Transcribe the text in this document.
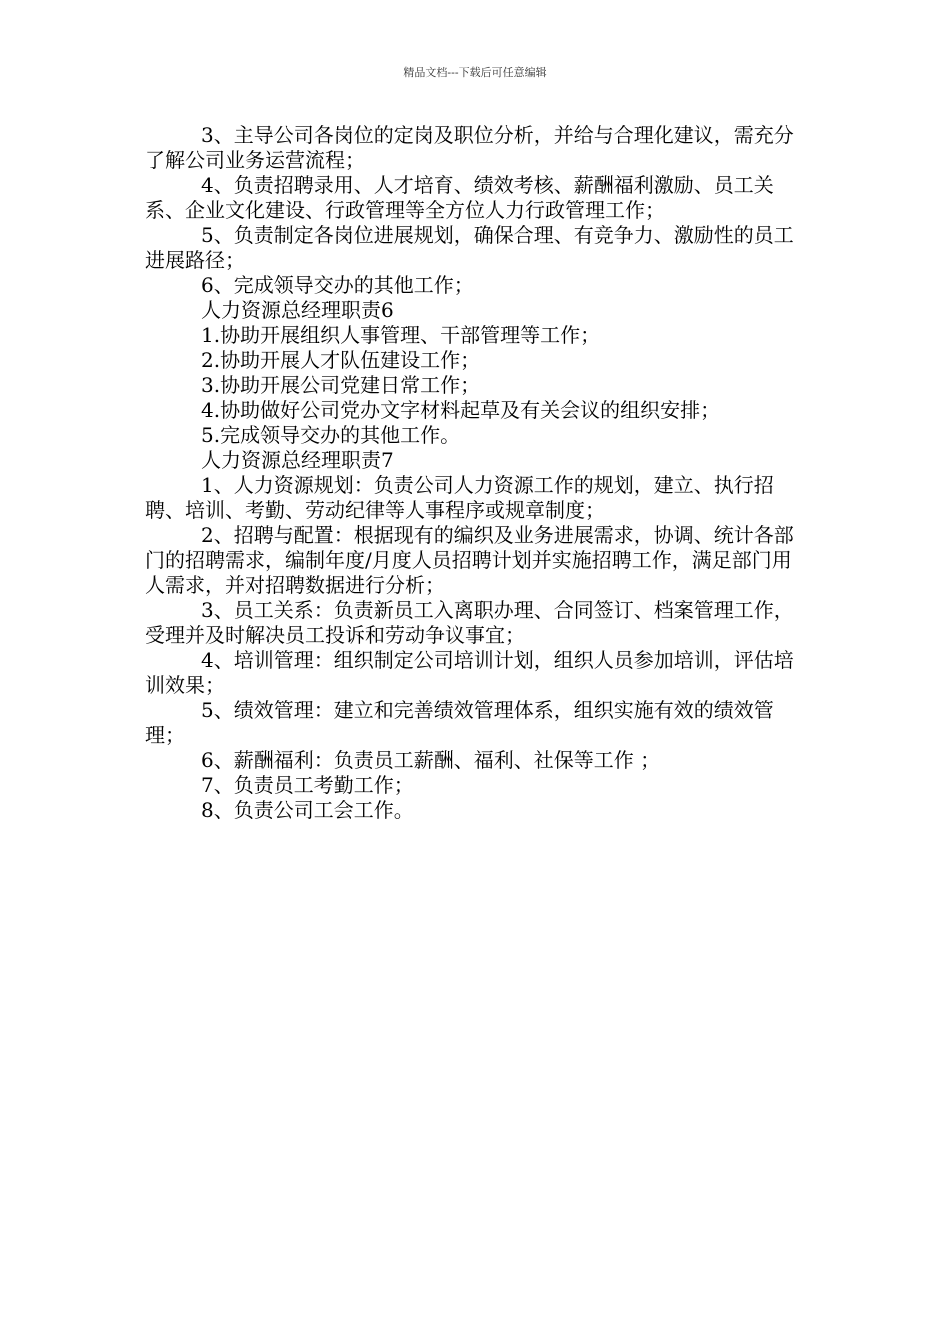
精品文档---下载后可任意编辑

3、主导公司各岗位的定岗及职位分析，并给与合理化建议，需充分了解公司业务运营流程；

4、负责招聘录用、人才培育、绩效考核、薪酬福利激励、员工关系、企业文化建设、行政管理等全方位人力行政管理工作；

5、负责制定各岗位进展规划，确保合理、有竞争力、激励性的员工进展路径；

6、完成领导交办的其他工作；

人力资源总经理职责6

1.协助开展组织人事管理、干部管理等工作；

2.协助开展人才队伍建设工作；

3.协助开展公司党建日常工作；

4.协助做好公司党办文字材料起草及有关会议的组织安排；

5.完成领导交办的其他工作。

人力资源总经理职责7

1、人力资源规划：负责公司人力资源工作的规划，建立、执行招聘、培训、考勤、劳动纪律等人事程序或规章制度；

2、招聘与配置：根据现有的编织及业务进展需求，协调、统计各部门的招聘需求，编制年度/月度人员招聘计划并实施招聘工作，满足部门用人需求，并对招聘数据进行分析；

3、员工关系：负责新员工入离职办理、合同签订、档案管理工作，受理并及时解决员工投诉和劳动争议事宜；

4、培训管理：组织制定公司培训计划，组织人员参加培训，评估培训效果；

5、绩效管理：建立和完善绩效管理体系，组织实施有效的绩效管理；

6、薪酬福利：负责员工薪酬、福利、社保等工作 ；

7、负责员工考勤工作；

8、负责公司工会工作。
